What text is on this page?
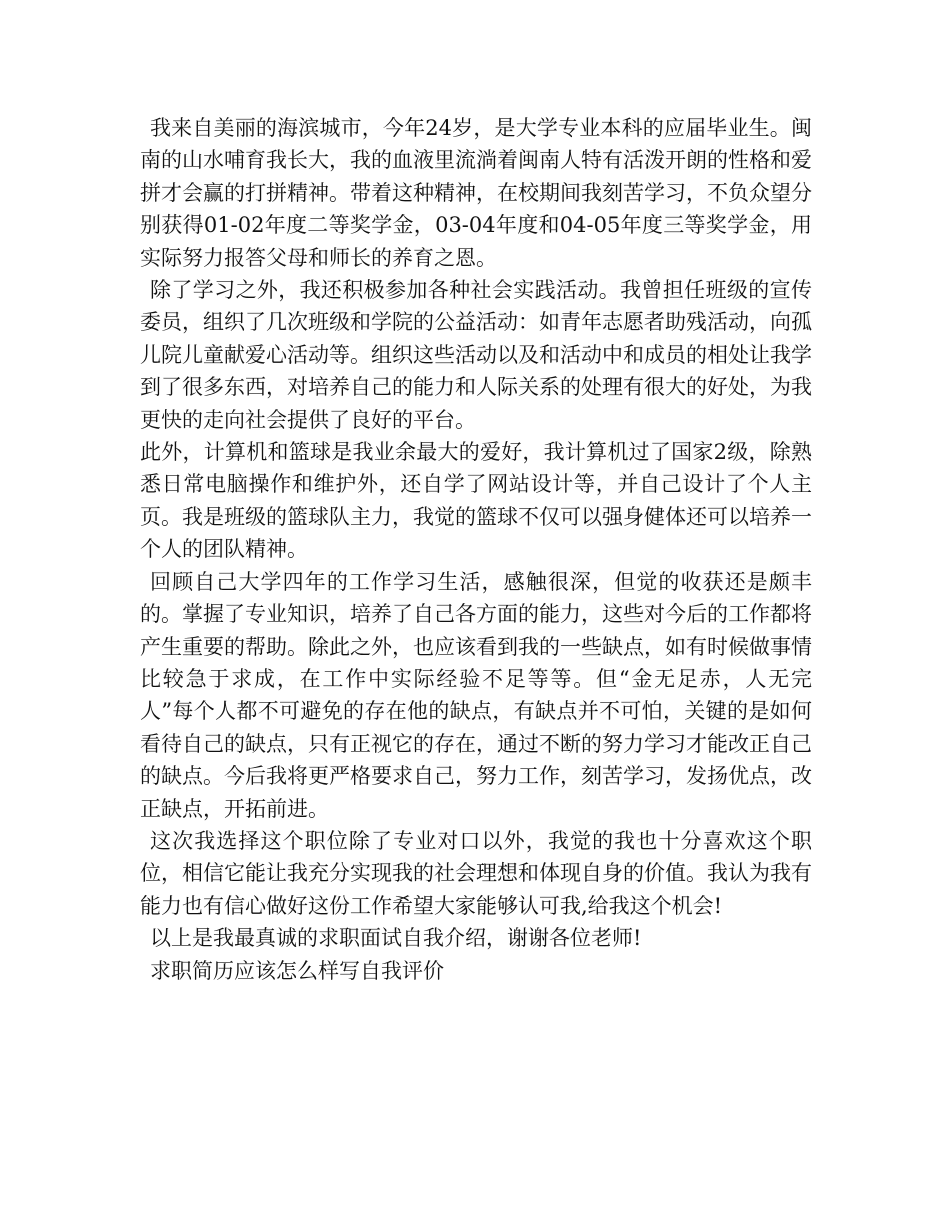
我来自美丽的海滨城市，今年24岁，是大学专业本科的应届毕业生。闽南的山水哺育我长大，我的血液里流淌着闽南人特有活泼开朗的性格和爱拼才会赢的打拼精神。带着这种精神，在校期间我刻苦学习，不负众望分别获得01-02年度二等奖学金，03-04年度和04-05年度三等奖学金，用实际努力报答父母和师长的养育之恩。

除了学习之外，我还积极参加各种社会实践活动。我曾担任班级的宣传委员，组织了几次班级和学院的公益活动：如青年志愿者助残活动，向孤儿院儿童献爱心活动等。组织这些活动以及和活动中和成员的相处让我学到了很多东西，对培养自己的能力和人际关系的处理有很大的好处，为我更快的走向社会提供了良好的平台。

此外，计算机和篮球是我业余最大的爱好，我计算机过了国家2级，除熟悉日常电脑操作和维护外，还自学了网站设计等，并自己设计了个人主页。我是班级的篮球队主力，我觉的篮球不仅可以强身健体还可以培养一个人的团队精神。

回顾自己大学四年的工作学习生活，感触很深，但觉的收获还是颇丰的。掌握了专业知识，培养了自己各方面的能力，这些对今后的工作都将产生重要的帮助。除此之外，也应该看到我的一些缺点，如有时候做事情比较急于求成，在工作中实际经验不足等等。但“金无足赤，人无完人”每个人都不可避免的存在他的缺点，有缺点并不可怕，关键的是如何看待自己的缺点，只有正视它的存在，通过不断的努力学习才能改正自己的缺点。今后我将更严格要求自己，努力工作，刻苦学习，发扬优点，改正缺点，开拓前进。

这次我选择这个职位除了专业对口以外，我觉的我也十分喜欢这个职位，相信它能让我充分实现我的社会理想和体现自身的价值。我认为我有能力也有信心做好这份工作希望大家能够认可我,给我这个机会!

以上是我最真诚的求职面试自我介绍，谢谢各位老师!

求职简历应该怎么样写自我评价
